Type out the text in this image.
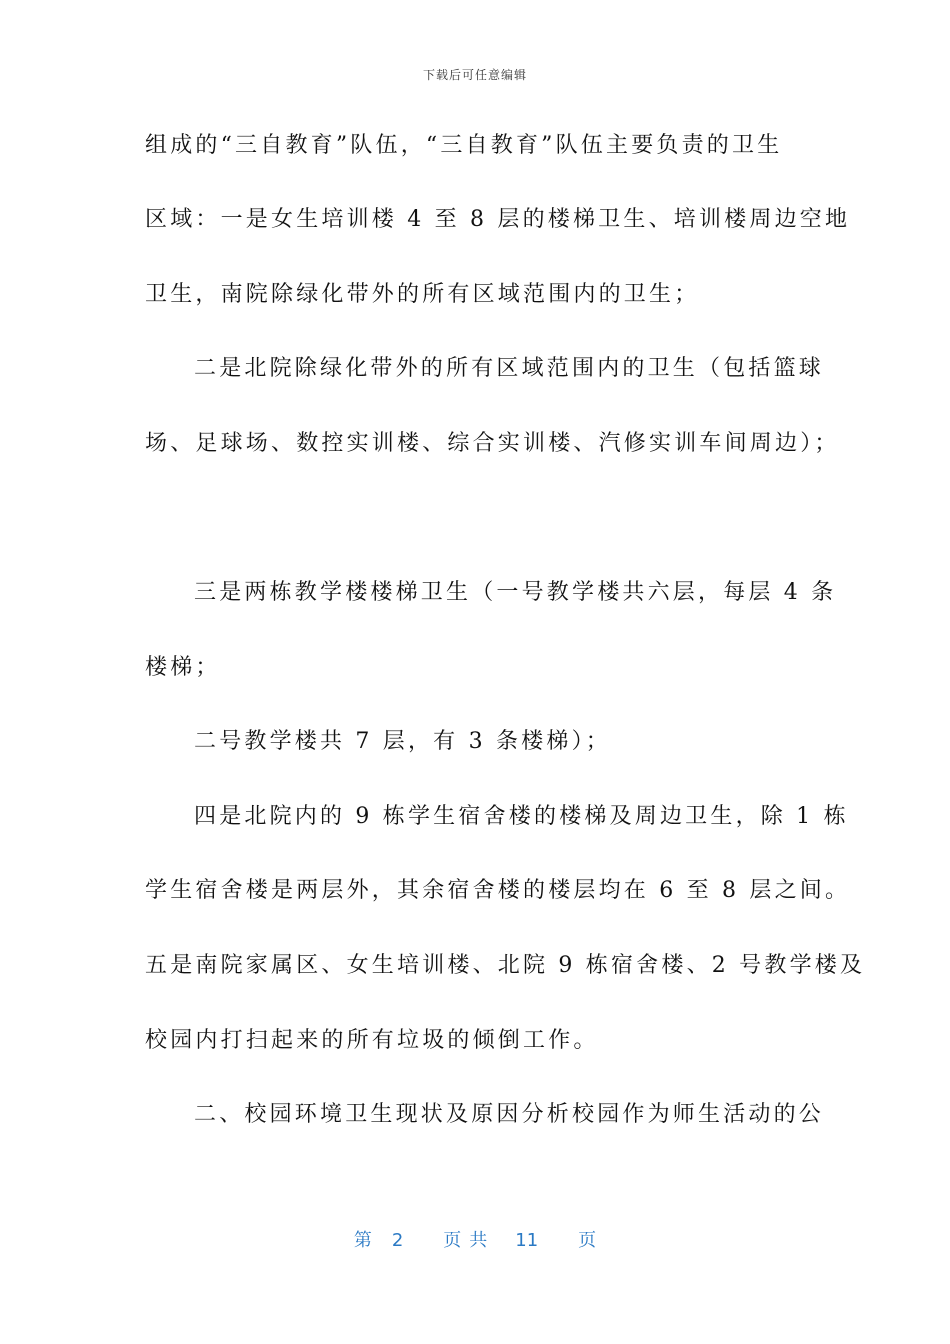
下载后可任意编辑
组成的“三自教育”队伍，“三自教育”队伍主要负责的卫生
区域：一是女生培训楼 4 至 8 层的楼梯卫生、培训楼周边空地
卫生，南院除绿化带外的所有区域范围内的卫生；
二是北院除绿化带外的所有区域范围内的卫生（包括篮球
场、足球场、数控实训楼、综合实训楼、汽修实训车间周边）；
三是两栋教学楼楼梯卫生（一号教学楼共六层，每层 4 条
楼梯；
二号教学楼共 7 层，有 3 条楼梯）；
四是北院内的 9 栋学生宿舍楼的楼梯及周边卫生，除 1 栋
学生宿舍楼是两层外，其余宿舍楼的楼层均在 6 至 8 层之间。
五是南院家属区、女生培训楼、北院 9 栋宿舍楼、2 号教学楼及
校园内打扫起来的所有垃圾的倾倒工作。
二、校园环境卫生现状及原因分析校园作为师生活动的公
第 2 页共 11 页
